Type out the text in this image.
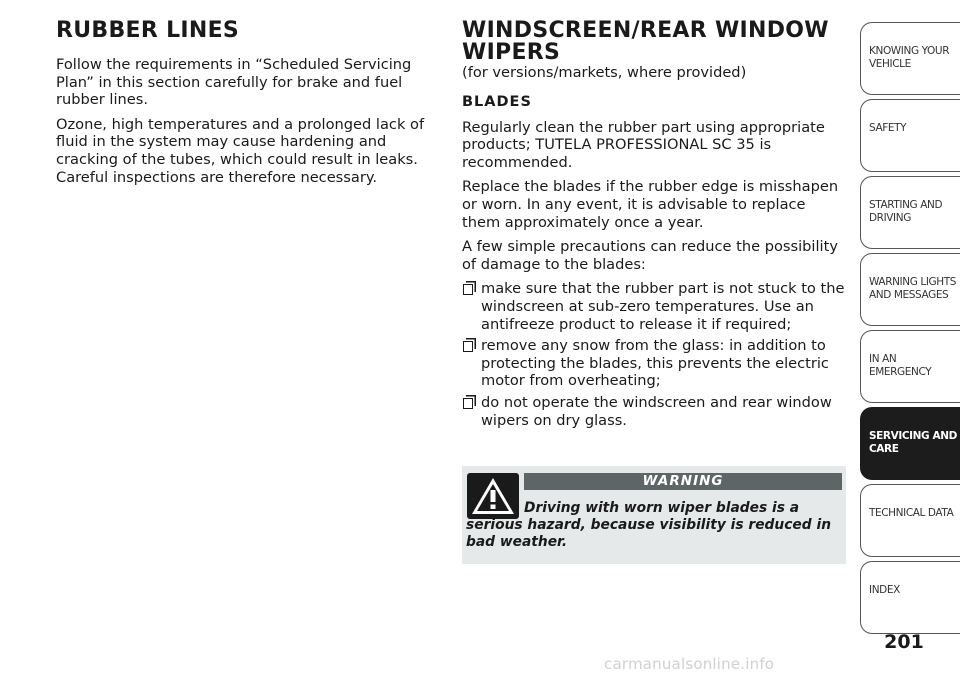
RUBBER LINES

Follow the requirements in “Scheduled Servicing Plan” in this section carefully for brake and fuel rubber lines.

Ozone, high temperatures and a prolonged lack of fluid in the system may cause hardening and cracking of the tubes, which could result in leaks. Careful inspections are therefore necessary.

WINDSCREEN/REAR WINDOW WIPERS

(for versions/markets, where provided)

BLADES

Regularly clean the rubber part using appropriate products; TUTELA PROFESSIONAL SC 35 is recommended.

Replace the blades if the rubber edge is misshapen or worn. In any event, it is advisable to replace them approximately once a year.

A few simple precautions can reduce the possibility of damage to the blades:

make sure that the rubber part is not stuck to the windscreen at sub-zero temperatures. Use an antifreeze product to release it if required;
remove any snow from the glass: in addition to protecting the blades, this prevents the electric motor from overheating;
do not operate the windscreen and rear window wipers on dry glass.
WARNING

Driving with worn wiper blades is a serious hazard, because visibility is reduced in bad weather.

KNOWING YOUR VEHICLE
SAFETY
STARTING AND DRIVING
WARNING LIGHTS AND MESSAGES
IN AN EMERGENCY
SERVICING AND CARE
TECHNICAL DATA
INDEX
201
carmanualsonline.info
